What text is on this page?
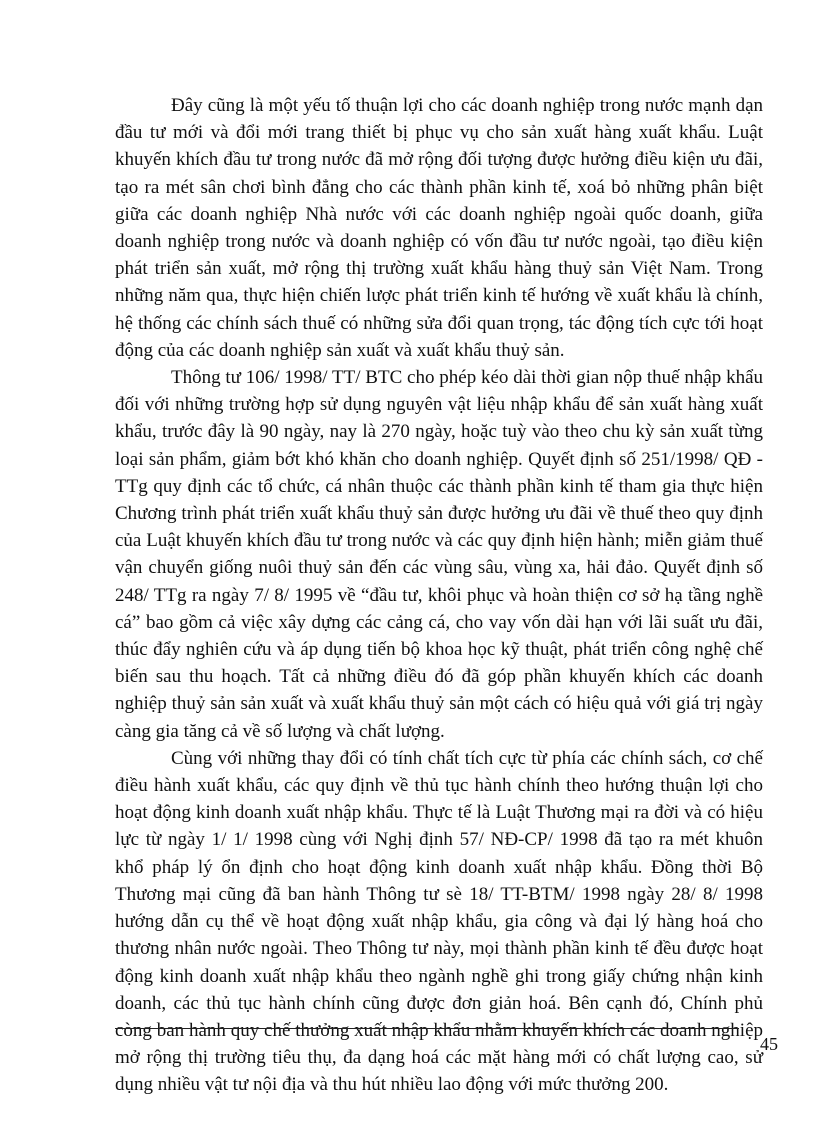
Đây cũng là một yếu tố thuận lợi cho các doanh nghiệp trong nước mạnh dạn đầu tư mới và đổi mới trang thiết bị phục vụ cho sản xuất hàng xuất khẩu. Luật khuyến khích đầu tư trong nước đã mở rộng đối tượng được hưởng điều kiện ưu đãi, tạo ra mét sân chơi bình đẳng cho các thành phần kinh tế, xoá bỏ những phân biệt giữa các doanh nghiệp Nhà nước với các doanh nghiệp ngoài quốc doanh, giữa doanh nghiệp trong nước và doanh nghiệp có vốn đầu tư nước ngoài, tạo điều kiện phát triển sản xuất, mở rộng thị trường xuất khẩu hàng thuỷ sản Việt Nam. Trong những năm qua, thực hiện chiến lược phát triển kinh tế hướng về xuất khẩu là chính, hệ thống các chính sách thuế có những sửa đổi quan trọng, tác động tích cực tới hoạt động của các doanh nghiệp sản xuất và xuất khẩu thuỷ sản.

Thông tư 106/ 1998/ TT/ BTC cho phép kéo dài thời gian nộp thuế nhập khẩu đối với những trường hợp sử dụng nguyên vật liệu nhập khẩu để sản xuất hàng xuất khẩu, trước đây là 90 ngày, nay là 270 ngày, hoặc tuỳ vào theo chu kỳ sản xuất từng loại sản phẩm, giảm bớt khó khăn cho doanh nghiệp. Quyết định số 251/1998/ QĐ - TTg quy định các tổ chức, cá nhân thuộc các thành phần kinh tế tham gia thực hiện Chương trình phát triển xuất khẩu thuỷ sản được hưởng ưu đãi về thuế theo quy định của Luật khuyến khích đầu tư trong nước và các quy định hiện hành; miễn giảm thuế vận chuyển giống nuôi thuỷ sản đến các vùng sâu, vùng xa, hải đảo. Quyết định số 248/ TTg ra ngày 7/ 8/ 1995 về “đầu tư, khôi phục và hoàn thiện cơ sở hạ tầng nghề cá” bao gồm cả việc xây dựng các cảng cá, cho vay vốn dài hạn với lãi suất ưu đãi, thúc đẩy nghiên cứu và áp dụng tiến bộ khoa học kỹ thuật, phát triển công nghệ chế biến sau thu hoạch. Tất cả những điều đó đã góp phần khuyến khích các doanh nghiệp thuỷ sản sản xuất và xuất khẩu thuỷ sản một cách có hiệu quả với giá trị ngày càng gia tăng cả về số lượng và chất lượng.

Cùng với những thay đổi có tính chất tích cực từ phía các chính sách, cơ chế điều hành xuất khẩu, các quy định về thủ tục hành chính theo hướng thuận lợi cho hoạt động kinh doanh xuất nhập khẩu. Thực tế là Luật Thương mại ra đời và có hiệu lực từ ngày 1/ 1/ 1998 cùng với Nghị định 57/ NĐ-CP/ 1998 đã tạo ra mét khuôn khổ pháp lý ổn định cho hoạt động kinh doanh xuất nhập khẩu. Đồng thời Bộ Thương mại cũng đã ban hành Thông tư sè 18/ TT-BTM/ 1998 ngày 28/ 8/ 1998 hướng dẫn cụ thể về hoạt động xuất nhập khẩu, gia công và đại lý hàng hoá cho thương nhân nước ngoài. Theo Thông tư này, mọi thành phần kinh tế đều được hoạt động kinh doanh xuất nhập khẩu theo ngành nghề ghi trong giấy chứng nhận kinh doanh, các thủ tục hành chính cũng được đơn giản hoá. Bên cạnh đó, Chính phủ còng ban hành quy chế thưởng xuất nhập khẩu nhằm khuyến khích các doanh nghiệp mở rộng thị trường tiêu thụ, đa dạng hoá các mặt hàng mới có chất lượng cao, sử dụng nhiều vật tư nội địa và thu hút nhiều lao động với mức thưởng 200.

45
